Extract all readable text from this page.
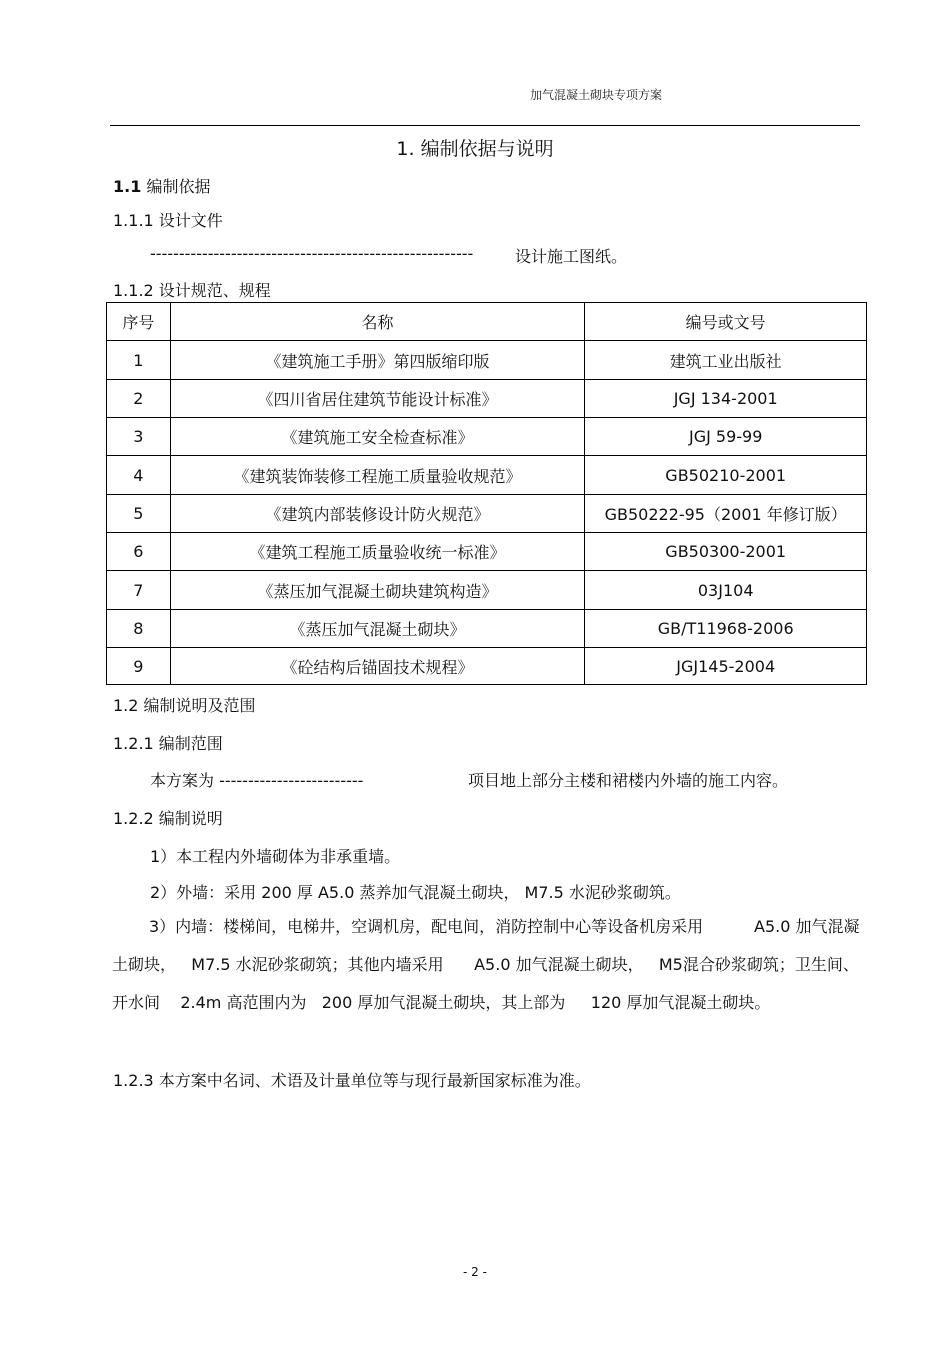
加气混凝土砌块专项方案
1. 编制依据与说明
1.1 编制依据
1.1.1 设计文件
--------------------------------------------------------	设计施工图纸。
1.1.2 设计规范、规程
序号	名称	编号或文号
1	《建筑施工手册》第四版缩印版	建筑工业出版社
2	《四川省居住建筑节能设计标准》	JGJ 134-2001
3	《建筑施工安全检查标准》	JGJ 59-99
4	《建筑装饰装修工程施工质量验收规范》	GB50210-2001
5	《建筑内部装修设计防火规范》	GB50222-95（2001 年修订版）
6	《建筑工程施工质量验收统一标准》	GB50300-2001
7	《蒸压加气混凝土砌块建筑构造》	03J104
8	《蒸压加气混凝土砌块》	GB/T11968-2006
9	《砼结构后锚固技术规程》	JGJ145-2004
1.2 编制说明及范围
1.2.1 编制范围
本方案为 -------------------------	项目地上部分主楼和裙楼内外墙的施工内容。
1.2.2 编制说明
1）本工程内外墙砌体为非承重墙。
2）外墙：采用 200 厚 A5.0 蒸养加气混凝土砌块， M7.5 水泥砂浆砌筑。
3）内墙：楼梯间，电梯井，空调机房，配电间，消防控制中心等设备机房采用          A5.0 加气混凝土砌块，   M7.5 水泥砂浆砌筑；其他内墙采用      A5.0 加气混凝土砌块，   M5混合砂浆砌筑；卫生间、开水间    2.4m 高范围内为   200 厚加气混凝土砌块，其上部为     120 厚加气混凝土砌块。
1.2.3 本方案中名词、术语及计量单位等与现行最新国家标准为准。
- 2 -
